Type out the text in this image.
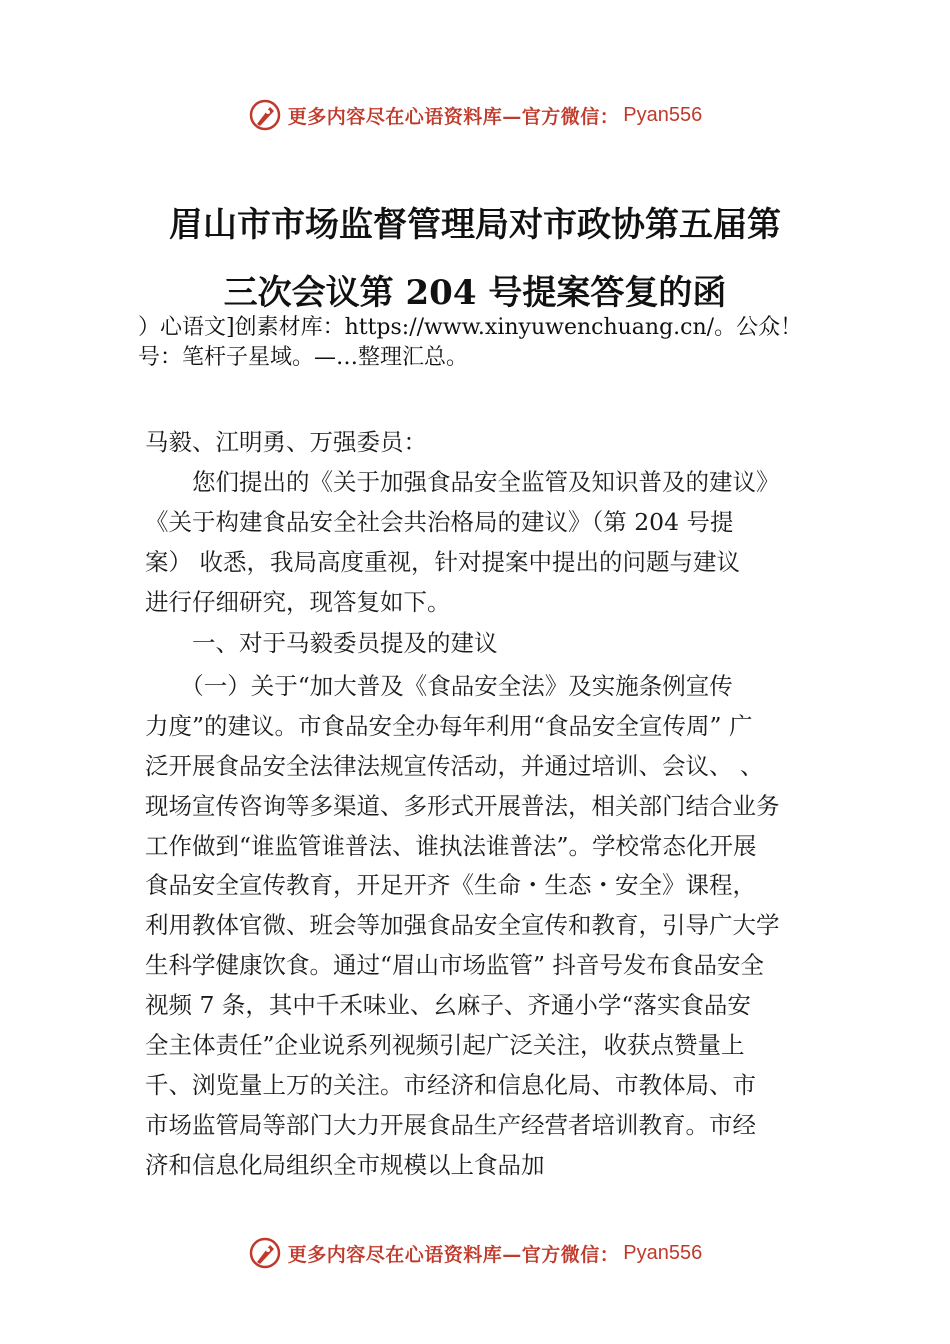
更多内容尽在心语资料库—官方微信： Pyan556
眉山市市场监督管理局对市政协第五届第
三次会议第 204 号提案答复的函
）心语文]创素材库：https://www.xinyuwenchuang.cn/。公众！
号：笔杆子星域。—…整理汇总。
马毅、江明勇、万强委员：
　　您们提出的《关于加强食品安全监管及知识普及的建议》
《关于构建食品安全社会共治格局的建议》（第 204 号提
案） 收悉，我局高度重视，针对提案中提出的问题与建议
进行仔细研究，现答复如下。
　　一、对于马毅委员提及的建议
　　（一）关于“加大普及《食品安全法》及实施条例宣传
力度”的建议。市食品安全办每年利用“食品安全宣传周” 广
泛开展食品安全法律法规宣传活动，并通过培训、会议、 、
现场宣传咨询等多渠道、多形式开展普法，相关部门结合业务
工作做到“谁监管谁普法、谁执法谁普法”。学校常态化开展
食品安全宣传教育，开足开齐《生命・生态・安全》课程，
利用教体官微、班会等加强食品安全宣传和教育，引导广大学
生科学健康饮食。通过“眉山市场监管” 抖音号发布食品安全
视频 7 条，其中千禾味业、幺麻子、齐通小学“落实食品安
全主体责任”企业说系列视频引起广泛关注，收获点赞量上
千、浏览量上万的关注。市经济和信息化局、市教体局、市
市场监管局等部门大力开展食品生产经营者培训教育。市经
济和信息化局组织全市规模以上食品加
更多内容尽在心语资料库—官方微信： Pyan556
